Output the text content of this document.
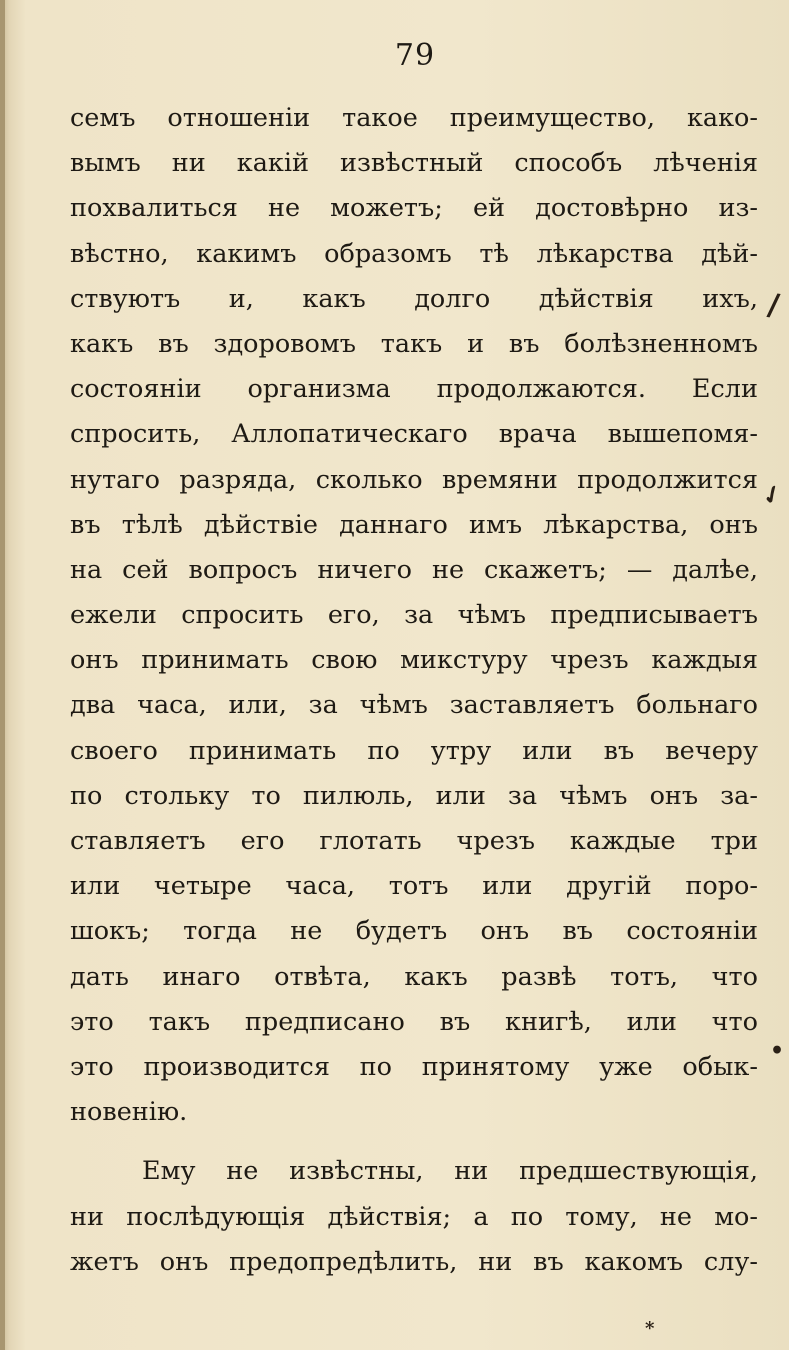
79
семъ отношенiи такое преимущество, како-
вымъ ни какiй извѣстный способъ лѣченiя
похвалиться не можетъ; ей достовѣрно из-
вѣстно, какимъ образомъ тѣ лѣкарства дѣй-
ствуютъ и, какъ долго дѣйствiя ихъ,
какъ въ здоровомъ такъ и въ болѣзненномъ
состоянiи организма продолжаются. Если
спросить, Аллопатическаго врача вышепомя-
нутаго разряда, сколько времяни продолжится
въ тѣлѣ дѣйствiе даннаго имъ лѣкарства, онъ
на сей вопросъ ничего не скажетъ; — далѣе,
ежели спросить его, за чѣмъ предписываетъ
онъ принимать свою микстуру чрезъ каждыя
два часа, или, за чѣмъ заставляетъ больнаго
своего принимать по утру или въ вечеру
по стольку то пилюль, или за чѣмъ онъ за-
ставляетъ его глотать чрезъ каждые три
или четыре часа, тотъ или другiй поро-
шокъ; тогда не будетъ онъ въ состоянiи
дать инаго отвѣта, какъ развѣ тотъ, что
это такъ предписано въ книгѣ, или что
это производится по принятому уже обык-
новенiю.
Ему не извѣстны, ни предшествующiя,
ни послѣдующiя дѣйствiя; а по тому, не мо-
жетъ онъ предопредѣлить, ни въ какомъ слу-
/
✓
•
*
